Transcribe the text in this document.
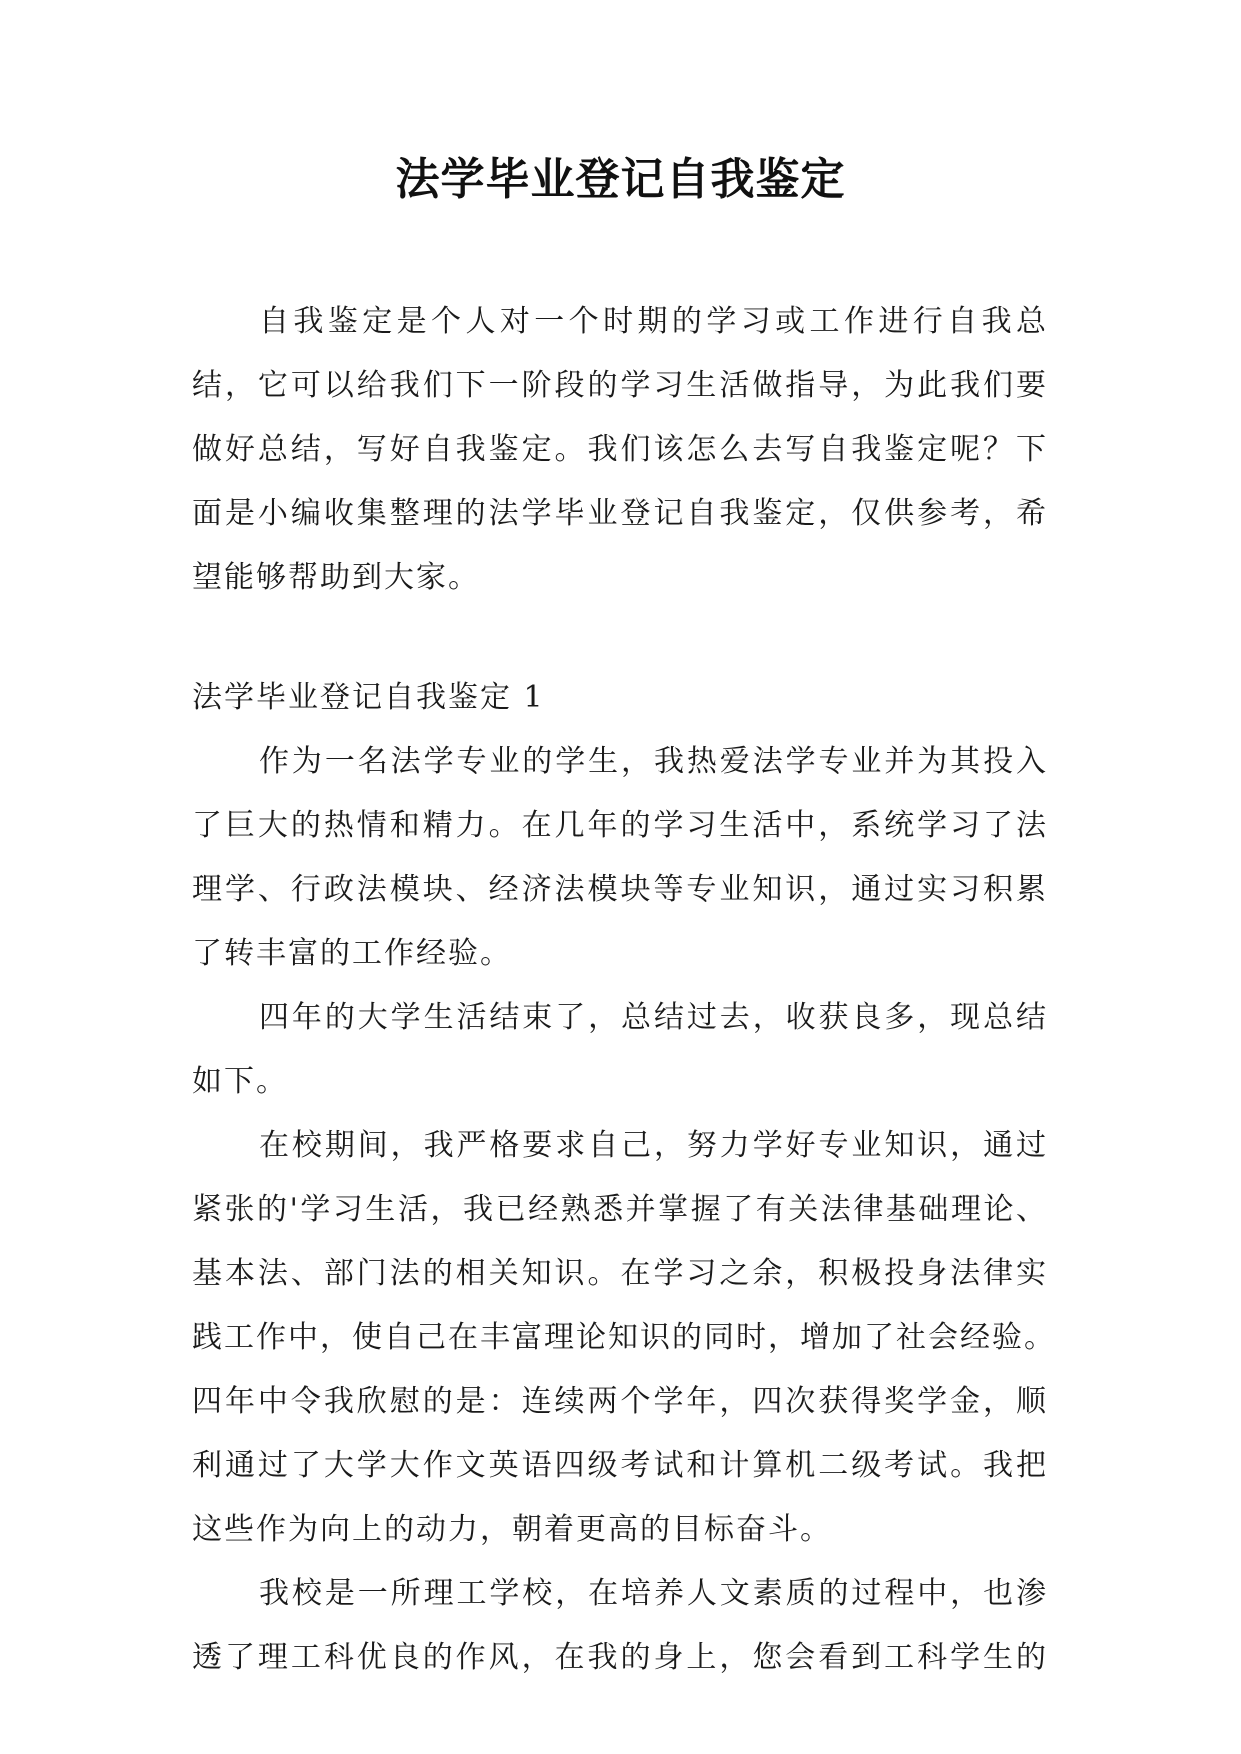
法学毕业登记自我鉴定
自我鉴定是个人对一个时期的学习或工作进行自我总
结，它可以给我们下一阶段的学习生活做指导，为此我们要
做好总结，写好自我鉴定。我们该怎么去写自我鉴定呢？下
面是小编收集整理的法学毕业登记自我鉴定，仅供参考，希
望能够帮助到大家。
法学毕业登记自我鉴定 1
作为一名法学专业的学生，我热爱法学专业并为其投入
了巨大的热情和精力。在几年的学习生活中，系统学习了法
理学、行政法模块、经济法模块等专业知识，通过实习积累
了转丰富的工作经验。
四年的大学生活结束了，总结过去，收获良多，现总结
如下。
在校期间，我严格要求自己，努力学好专业知识，通过
紧张的'学习生活，我已经熟悉并掌握了有关法律基础理论、
基本法、部门法的相关知识。在学习之余，积极投身法律实
践工作中，使自己在丰富理论知识的同时，增加了社会经验。
四年中令我欣慰的是：连续两个学年，四次获得奖学金，顺
利通过了大学大作文英语四级考试和计算机二级考试。我把
这些作为向上的动力，朝着更高的目标奋斗。
我校是一所理工学校，在培养人文素质的过程中，也渗
透了理工科优良的作风，在我的身上，您会看到工科学生的
